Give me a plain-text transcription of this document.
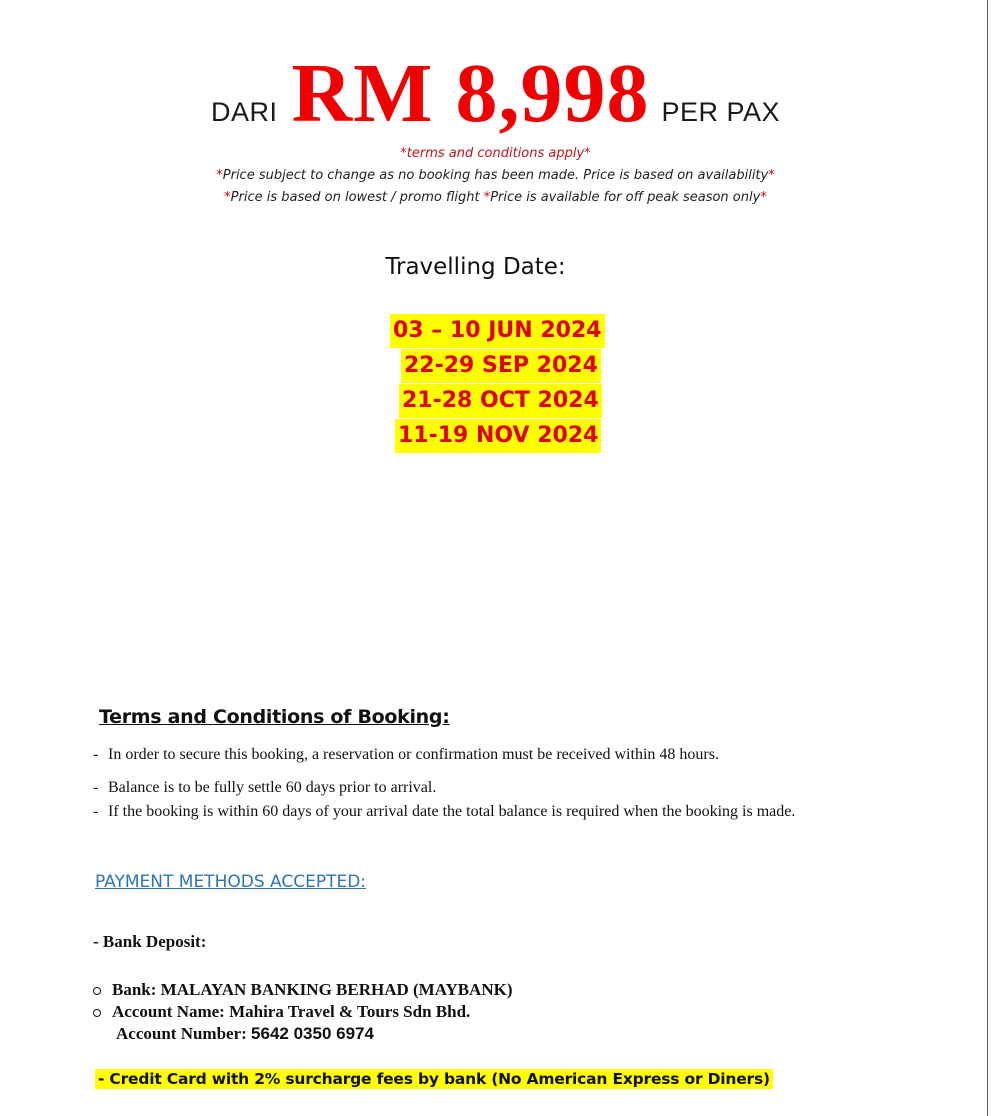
DARI RM 8,998 PER PAX
*terms and conditions apply*
*Price subject to change as no booking has been made. Price is based on availability*
*Price is based on lowest / promo flight *Price is available for off peak season only*
Travelling Date:
03 – 10 JUN 2024
22-29 SEP 2024
21-28 OCT 2024
11-19 NOV 2024
Terms and Conditions of Booking:
- In order to secure this booking, a reservation or confirmation must be received within 48 hours.
- Balance is to be fully settle 60 days prior to arrival.
- If the booking is within 60 days of your arrival date the total balance is required when the booking is made.
PAYMENT METHODS ACCEPTED:
- Bank Deposit:
Bank: MALAYAN BANKING BERHAD (MAYBANK)
Account Name: Mahira Travel & Tours Sdn Bhd.
Account Number: 5642 0350 6974
- Credit Card with 2% surcharge fees by bank (No American Express or Diners)
